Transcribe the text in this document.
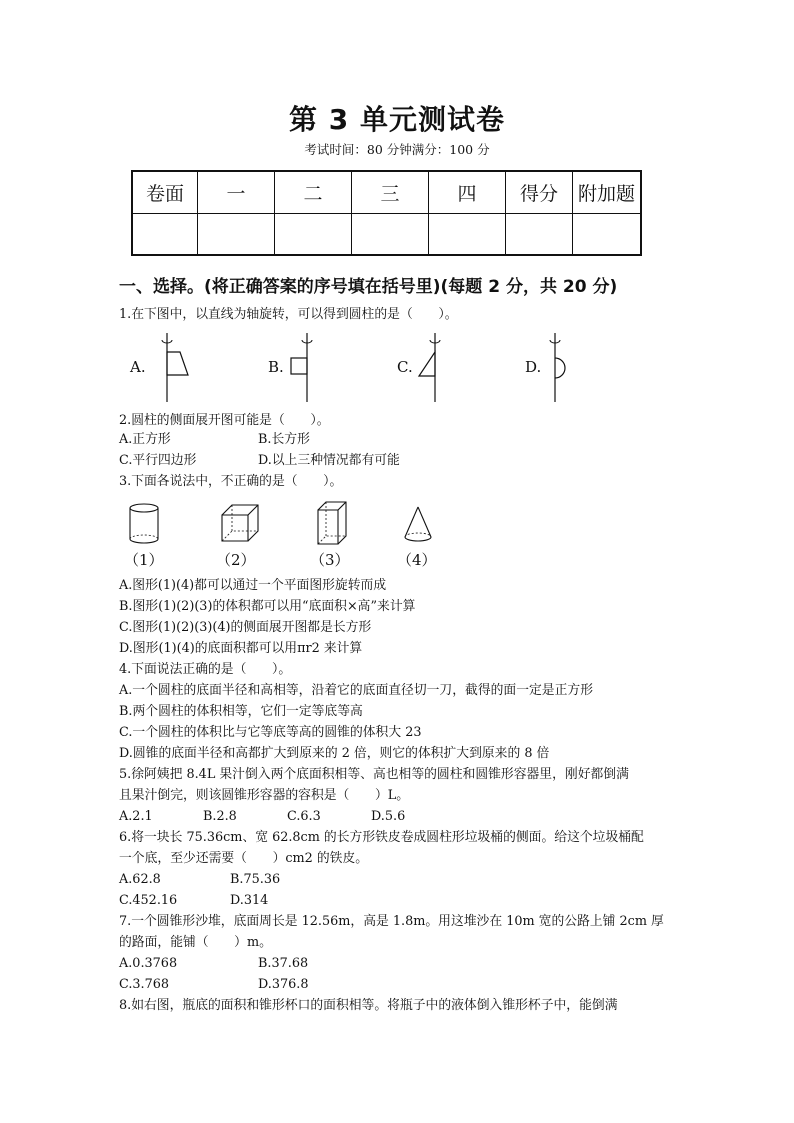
第 3 单元测试卷
考试时间：80 分钟满分：100 分
卷面	一	二	三	四	得分	附加题

一、选择。(将正确答案的序号填在括号里)(每题 2 分，共 20 分)
1.在下图中，以直线为轴旋转，可以得到圆柱的是（　　）。
A.	B.	C.	D.
2.圆柱的侧面展开图可能是（　　）。
A.正方形	B.长方形
C.平行四边形	D.以上三种情况都有可能
3.下面各说法中，不正确的是（　　）。
（1）	（2）	（3）	（4）
A.图形(1)(4)都可以通过一个平面图形旋转而成
B.图形(1)(2)(3)的体积都可以用“底面积×高”来计算
C.图形(1)(2)(3)(4)的侧面展开图都是长方形
D.图形(1)(4)的底面积都可以用πr2 来计算
4.下面说法正确的是（　　）。
A.一个圆柱的底面半径和高相等，沿着它的底面直径切一刀，截得的面一定是正方形
B.两个圆柱的体积相等，它们一定等底等高
C.一个圆柱的体积比与它等底等高的圆锥的体积大 23
D.圆锥的底面半径和高都扩大到原来的 2 倍，则它的体积扩大到原来的 8 倍
5.徐阿姨把 8.4L 果汁倒入两个底面积相等、高也相等的圆柱和圆锥形容器里，刚好都倒满
且果汁倒完，则该圆锥形容器的容积是（　　）L。
A.2.1	B.2.8	C.6.3	D.5.6
6.将一块长 75.36cm、宽 62.8cm 的长方形铁皮卷成圆柱形垃圾桶的侧面。给这个垃圾桶配
一个底，至少还需要（　　）cm2 的铁皮。
A.62.8	B.75.36
C.452.16	D.314
7.一个圆锥形沙堆，底面周长是 12.56m，高是 1.8m。用这堆沙在 10m 宽的公路上铺 2cm 厚
的路面，能铺（　　）m。
A.0.3768	B.37.68
C.3.768	D.376.8
8.如右图，瓶底的面积和锥形杯口的面积相等。将瓶子中的液体倒入锥形杯子中，能倒满
